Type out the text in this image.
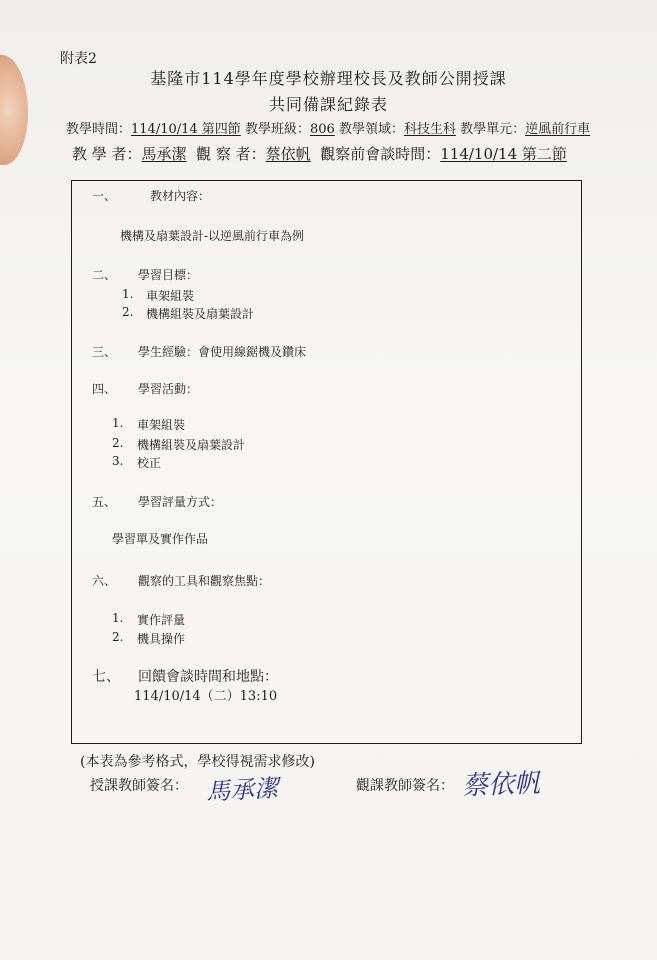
附表2
基隆市114學年度學校辦理校長及教師公開授課
共同備課紀錄表
教學時間：114/10/14 第四節 教學班級：806 教學領域：科技生科 教學單元：逆風前行車
教 學 者：馬承潔 觀 察 者：蔡依帆 觀察前會談時間：114/10/14 第二節
一、	教材內容：
機構及扇葉設計-以逆風前行車為例
二、 學習目標：
1. 車架組裝
2. 機構組裝及扇葉設計
三、 學生經驗：會使用線鋸機及鑽床
四、 學習活動：
1. 車架組裝
2. 機構組裝及扇葉設計
3. 校正
五、 學習評量方式：
學習單及實作作品
六、 觀察的工具和觀察焦點：
1. 實作評量
2. 機具操作
七、 回饋會談時間和地點：
114/10/14（二）13:10
(本表為參考格式，學校得視需求修改)
授課教師簽名： 馬承潔	觀課教師簽名： 蔡依帆
